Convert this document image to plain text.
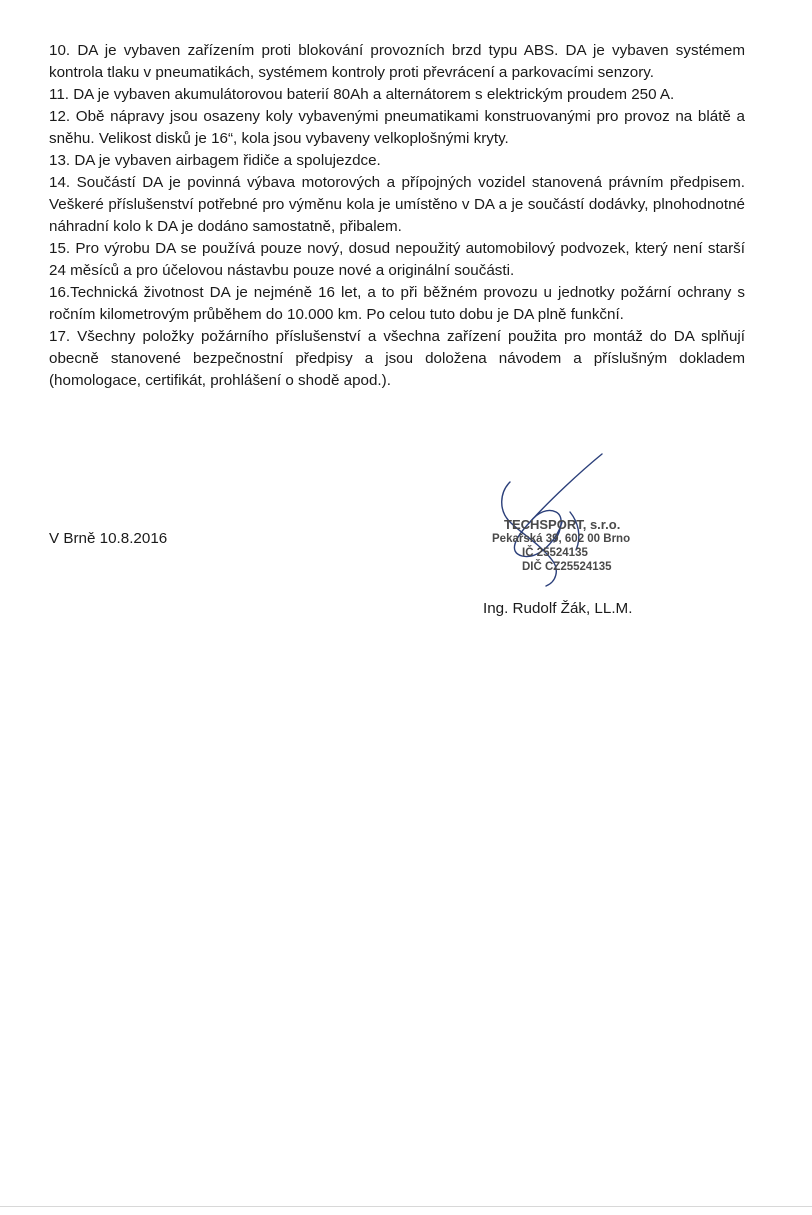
10. DA je vybaven zařízením proti blokování provozních brzd typu ABS. DA je vybaven systémem kontrola tlaku v pneumatikách, systémem kontroly proti převrácení a parkovacími senzory.

11. DA je vybaven akumulátorovou baterií 80Ah a alternátorem s elektrickým proudem 250 A.

12. Obě nápravy jsou osazeny koly vybavenými pneumatikami konstruovanými pro provoz na blátě a sněhu. Velikost disků je 16“, kola jsou vybaveny velkoplošnými kryty.

13. DA je vybaven airbagem řidiče a spolujezdce.

14. Součástí DA je povinná výbava motorových a přípojných vozidel stanovená právním předpisem. Veškeré příslušenství potřebné pro výměnu kola je umístěno v DA a je součástí dodávky, plnohodnotné náhradní kolo k DA je dodáno samostatně, přibalem.

15. Pro výrobu DA se používá pouze nový, dosud nepoužitý automobilový podvozek, který není starší 24 měsíců a pro účelovou nástavbu pouze nové a originální součásti.

16.Technická životnost DA je nejméně 16 let, a to při běžném provozu u jednotky požární ochrany s ročním kilometrovým průběhem do 10.000 km. Po celou tuto dobu je DA plně funkční.

17. Všechny položky požárního příslušenství a všechna zařízení použita pro montáž do DA splňují obecně stanovené bezpečnostní předpisy a jsou doložena návodem a příslušným dokladem (homologace, certifikát, prohlášení o shodě apod.).

V Brně 10.8.2016
TECHSPORT, s.r.o.
Pekařská 39, 602 00 Brno
IČ 25524135
DIČ CZ25524135
Ing. Rudolf Žák, LL.M.
